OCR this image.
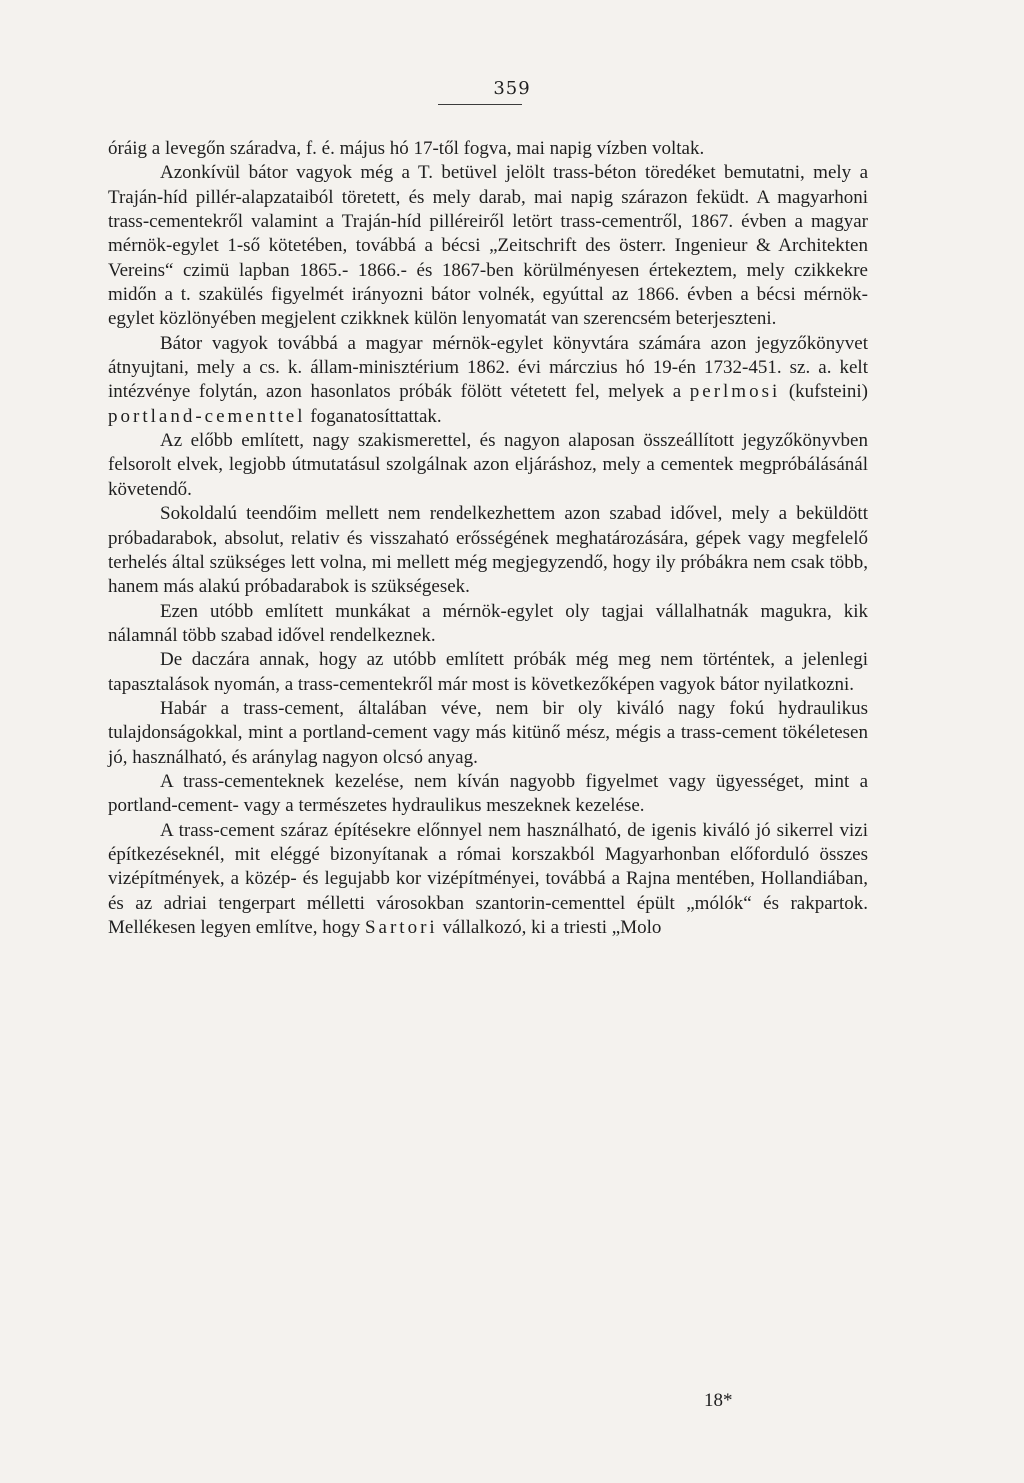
359

óráig a levegőn száradva, f. é. május hó 17-től fogva, mai napig vízben voltak.

Azonkívül bátor vagyok még a T. betüvel jelölt trass-béton töredéket bemutatni, mely a Traján-híd pillér-alapzataiból töretett, és mely darab, mai napig szárazon feküdt. A magyarhoni trass-cementekről valamint a Traján-híd pilléreiről letört trass-cementről, 1867. évben a magyar mérnök-egylet 1-ső kötetében, továbbá a bécsi „Zeitschrift des österr. Ingenieur & Architekten Vereins“ czimü lapban 1865.- 1866.- és 1867-ben körülményesen értekeztem, mely czikkekre midőn a t. szakülés figyelmét irányozni bátor volnék, egyúttal az 1866. évben a bécsi mérnök-egylet közlönyében megjelent czikknek külön lenyomatát van szerencsém beterjeszteni.

Bátor vagyok továbbá a magyar mérnök-egylet könyvtára számára azon jegyzőkönyvet átnyujtani, mely a cs. k. állam-minisztérium 1862. évi márczius hó 19-én 1732-451. sz. a. kelt intézvénye folytán, azon hasonlatos próbák fölött vétetett fel, melyek a perlmosi (kufsteini) portland-cementtel foganatosíttattak.

Az előbb említett, nagy szakismerettel, és nagyon alaposan összeállított jegyzőkönyvben felsorolt elvek, legjobb útmutatásul szolgálnak azon eljáráshoz, mely a cementek megpróbálásánál követendő.

Sokoldalú teendőim mellett nem rendelkezhettem azon szabad idővel, mely a beküldött próbadarabok, absolut, relativ és visszaható erősségének meghatározására, gépek vagy megfelelő terhelés által szükséges lett volna, mi mellett még megjegyzendő, hogy ily próbákra nem csak több, hanem más alakú próbadarabok is szükségesek.

Ezen utóbb említett munkákat a mérnök-egylet oly tagjai vállalhatnák magukra, kik nálamnál több szabad idővel rendelkeznek.

De daczára annak, hogy az utóbb említett próbák még meg nem történtek, a jelenlegi tapasztalások nyomán, a trass-cementekről már most is következőképen vagyok bátor nyilatkozni.

Habár a trass-cement, általában véve, nem bir oly kiváló nagy fokú hydraulikus tulajdonságokkal, mint a portland-cement vagy más kitünő mész, mégis a trass-cement tökéletesen jó, használható, és aránylag nagyon olcsó anyag.

A trass-cementeknek kezelése, nem kíván nagyobb figyelmet vagy ügyességet, mint a portland-cement- vagy a természetes hydraulikus meszeknek kezelése.

A trass-cement száraz építésekre előnnyel nem használható, de igenis kiváló jó sikerrel vizi építkezéseknél, mit eléggé bizonyítanak a római korszakból Magyarhonban előforduló összes vizépítmények, a közép- és legujabb kor vizépítményei, továbbá a Rajna mentében, Hollandiában, és az adriai tengerpart mélletti városokban szantorin-cementtel épült „mólók“ és rakpartok. Mellékesen legyen említve, hogy Sartori vállalkozó, ki a triesti „Molo

18*
